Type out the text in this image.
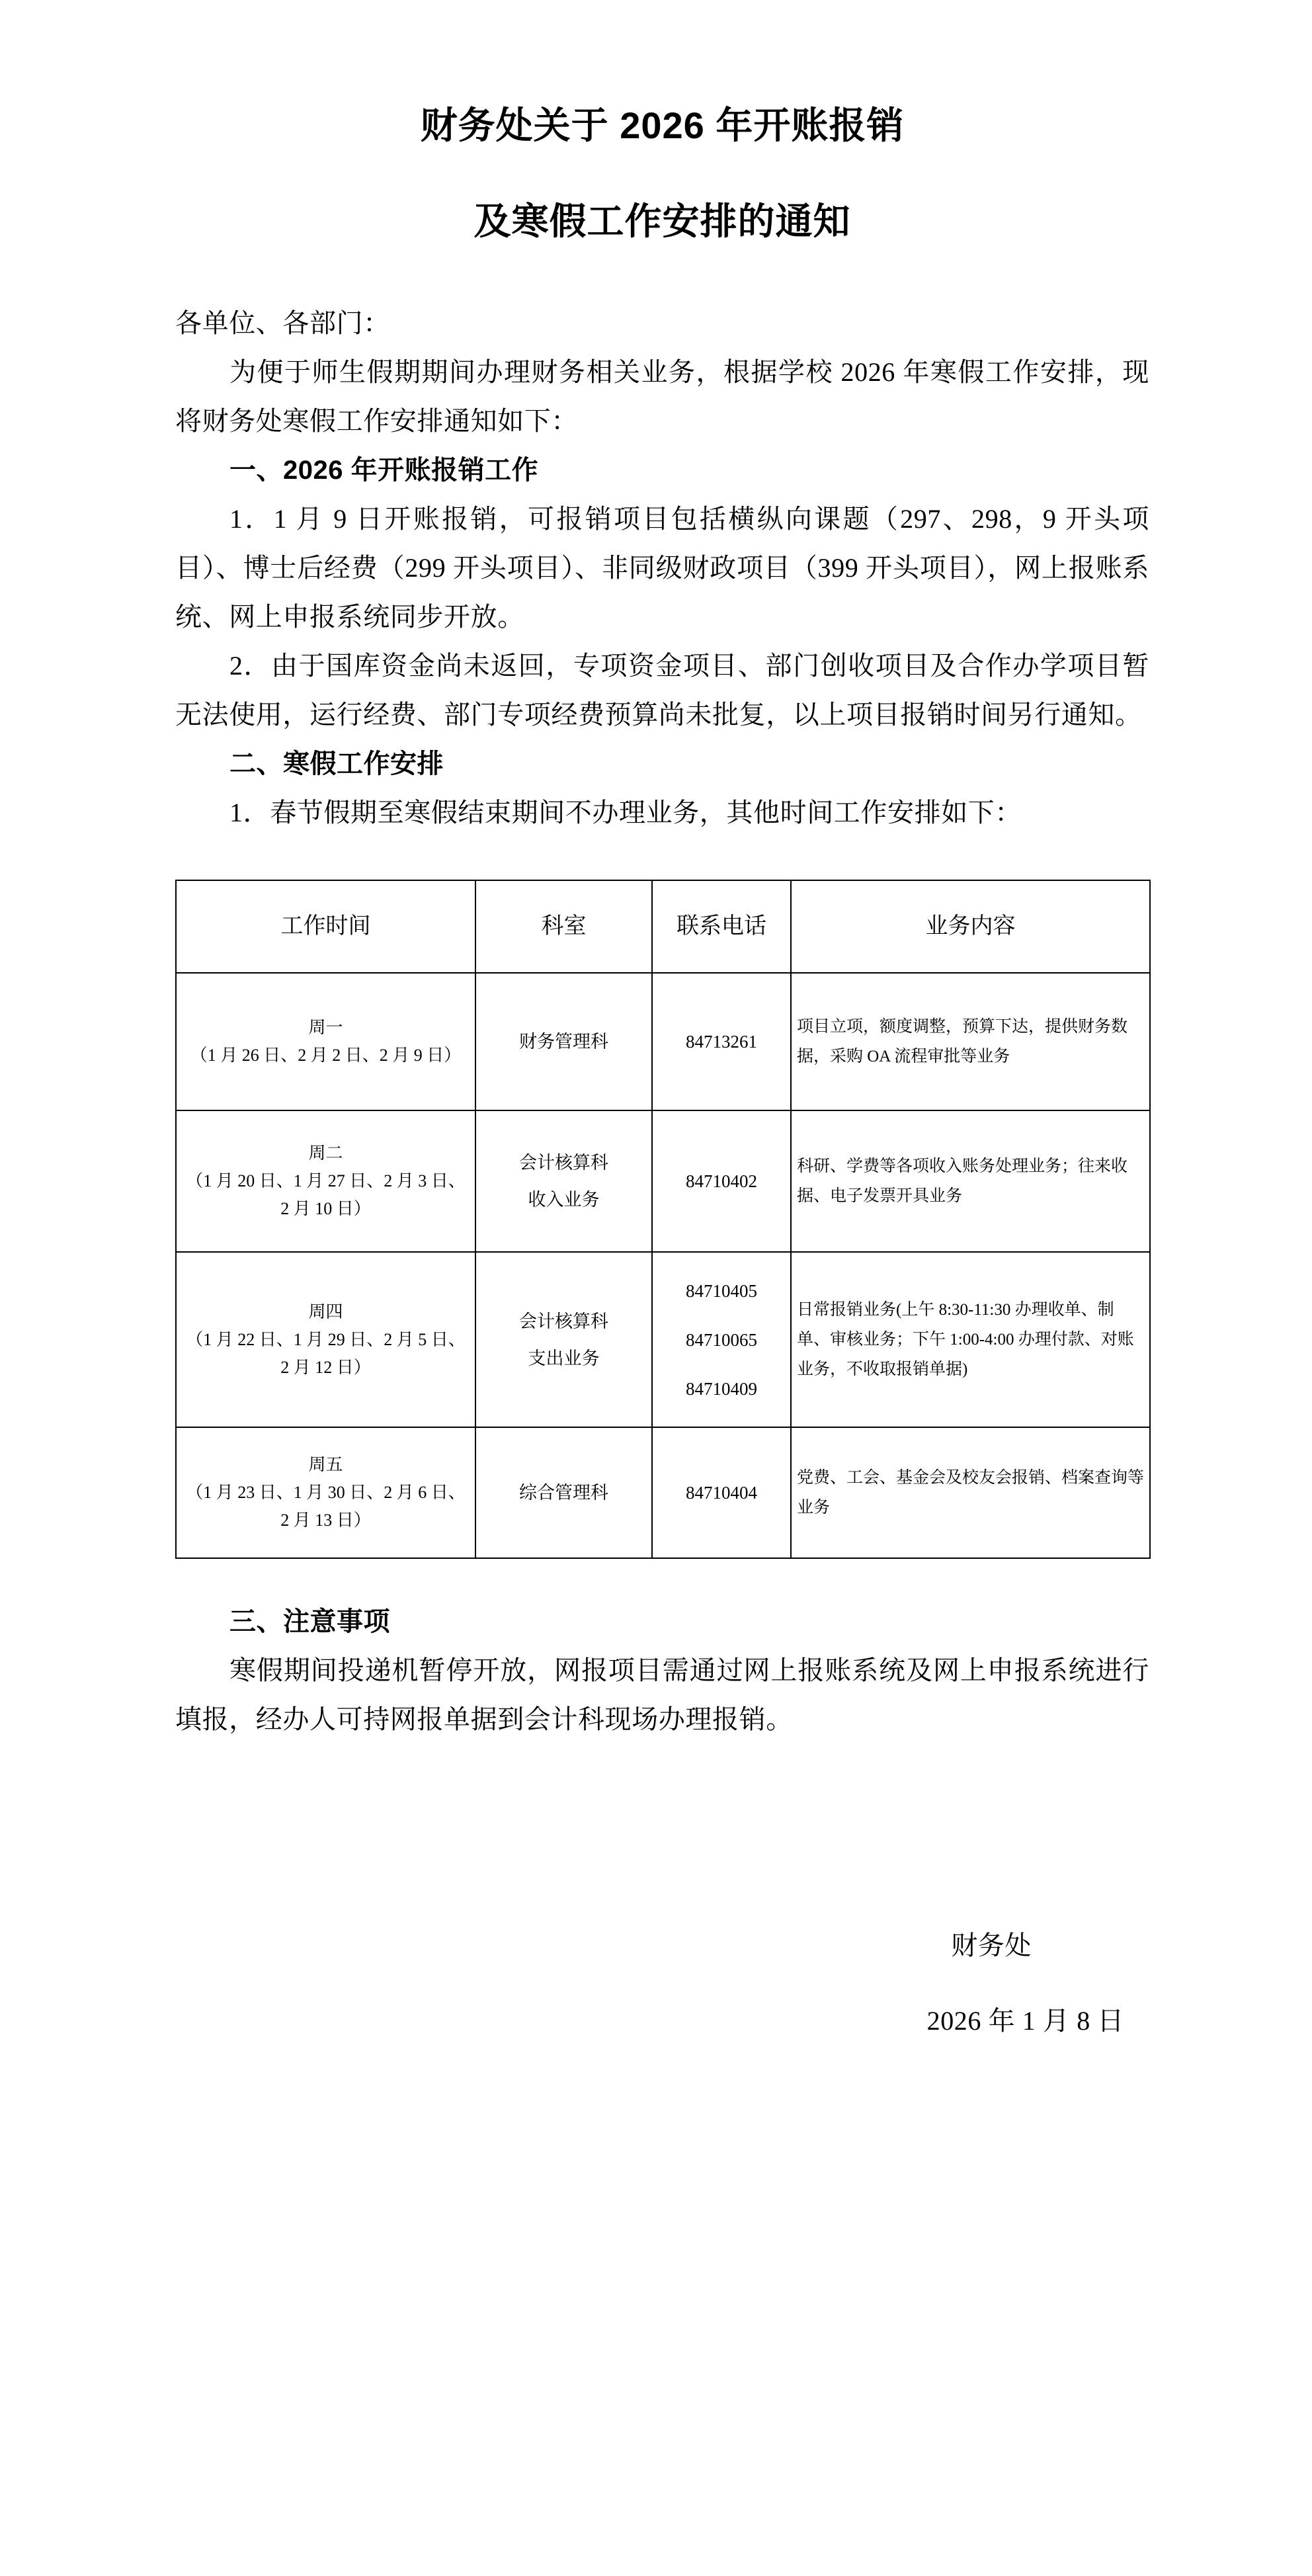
财务处关于 2026 年开账报销
及寒假工作安排的通知

各单位、各部门：

为便于师生假期期间办理财务相关业务，根据学校 2026 年寒假工作安排，现将财务处寒假工作安排通知如下：

一、2026 年开账报销工作

1．1 月 9 日开账报销，可报销项目包括横纵向课题（297、298，9 开头项目）、博士后经费（299 开头项目）、非同级财政项目（399 开头项目），网上报账系统、网上申报系统同步开放。

2．由于国库资金尚未返回，专项资金项目、部门创收项目及合作办学项目暂无法使用，运行经费、部门专项经费预算尚未批复，以上项目报销时间另行通知。

二、寒假工作安排

1．春节假期至寒假结束期间不办理业务，其他时间工作安排如下：

工作时间	科室	联系电话	业务内容

周一
（1 月 26 日、2 月 2 日、2 月 9 日）	财务管理科	84713261	项目立项，额度调整，预算下达，提供财务数据，采购 OA 流程审批等业务

周二
（1 月 20 日、1 月 27 日、2 月 3 日、2 月 10 日）	会计核算科
收入业务	84710402	科研、学费等各项收入账务处理业务；往来收据、电子发票开具业务

周四
（1 月 22 日、1 月 29 日、2 月 5 日、2 月 12 日）	会计核算科
支出业务	84710405
84710065
84710409	日常报销业务(上午 8:30-11:30 办理收单、制单、审核业务；下午 1:00-4:00 办理付款、对账业务，不收取报销单据)

周五
（1 月 23 日、1 月 30 日、2 月 6 日、2 月 13 日）	综合管理科	84710404	党费、工会、基金会及校友会报销、档案查询等业务
三、注意事项

寒假期间投递机暂停开放，网报项目需通过网上报账系统及网上申报系统进行填报，经办人可持网报单据到会计科现场办理报销。

财务处
2026 年 1 月 8 日
